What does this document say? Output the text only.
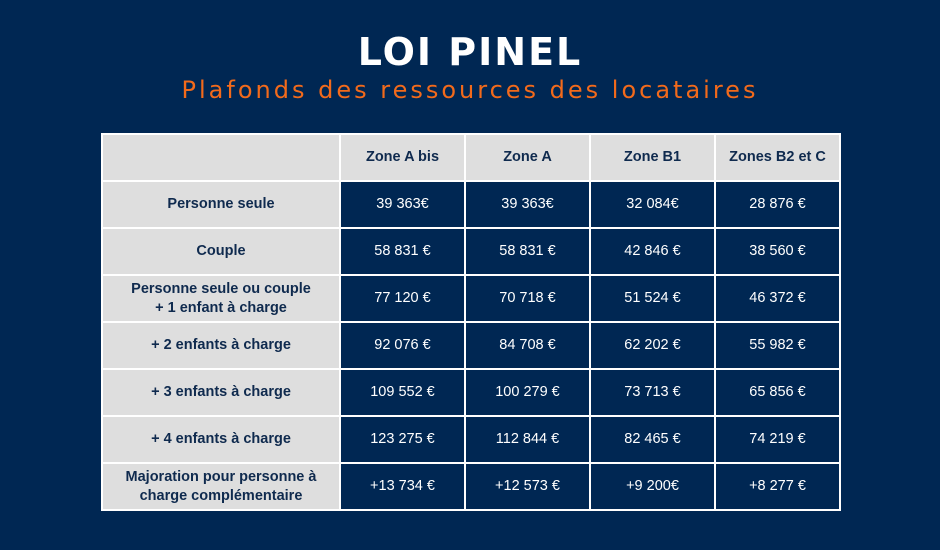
LOI PINEL
Plafonds des ressources des locataires
	Zone A bis	Zone A	Zone B1	Zones B2 et C

Personne seule	39 363€	39 363€	32 084€	28 876 €

Couple	58 831 €	58 831 €	42 846 €	38 560 €

Personne seule ou couple
+ 1 enfant à charge	77 120 €	70 718 €	51 524 €	46 372 €

+ 2 enfants à charge	92 076 €	84 708 €	62 202 €	55 982 €

+ 3 enfants à charge	109 552 €	100 279 €	73 713 €	65 856 €

+ 4 enfants à charge	123 275 €	112 844 €	82 465 €	74 219 €

Majoration pour personne à
charge complémentaire	+13 734 €	+12 573 €	+9 200€	+8 277 €
